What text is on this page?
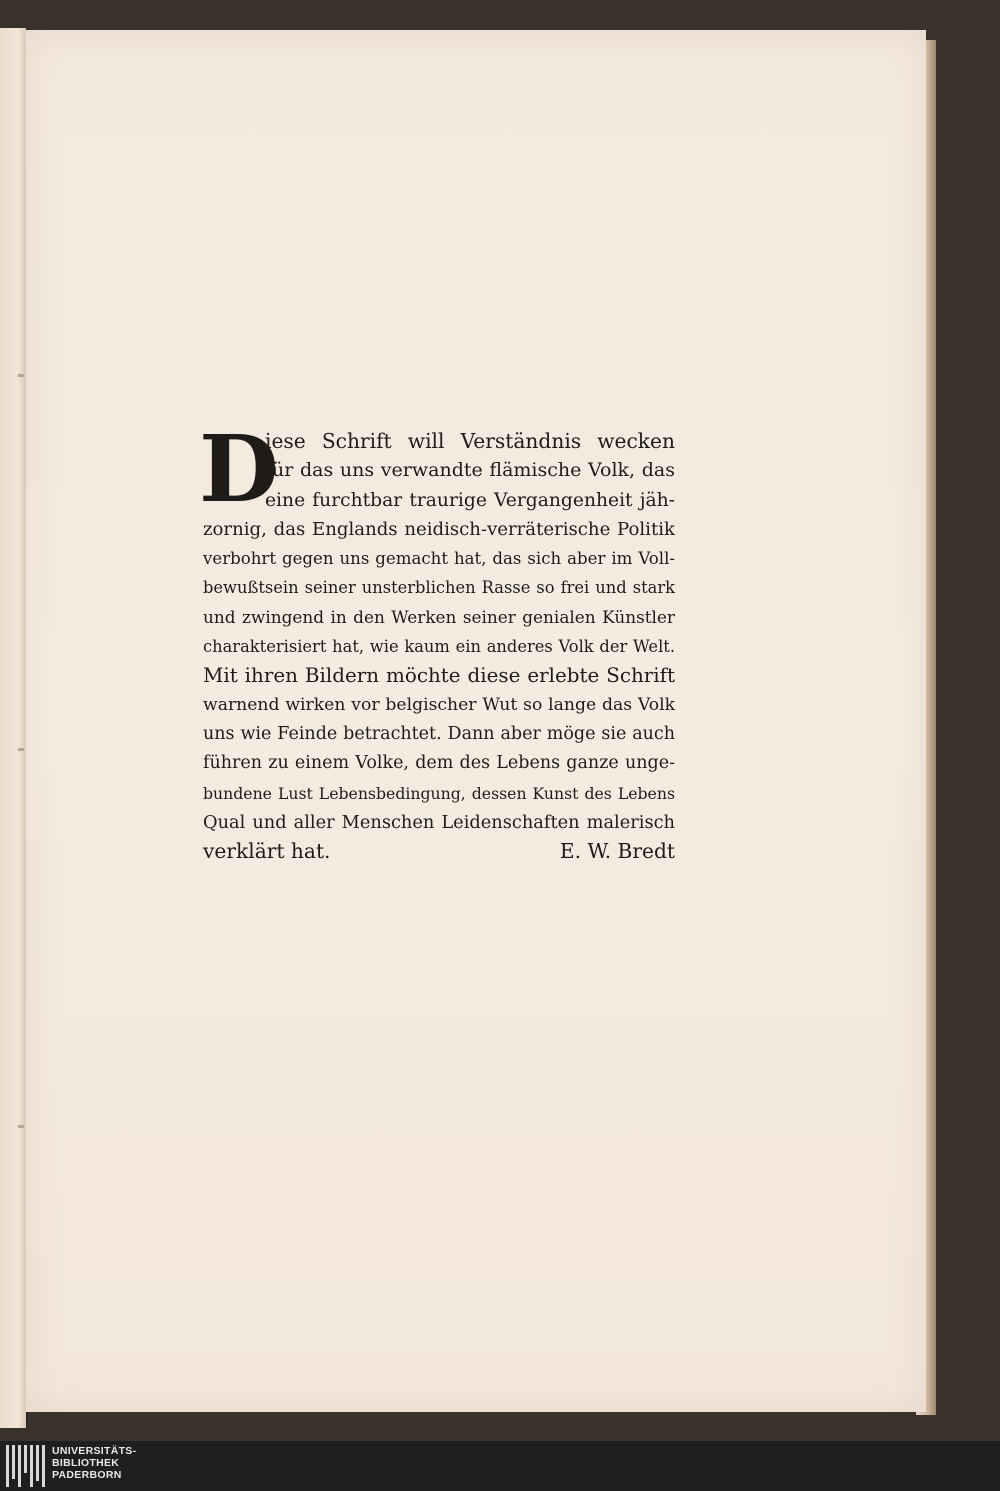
D
iese Schrift will Verständnis wecken
für das uns verwandte flämische Volk, das
eine furchtbar traurige Vergangenheit jäh-
zornig, das Englands neidisch-verräterische Politik
verbohrt gegen uns gemacht hat, das sich aber im Voll-
bewußtsein seiner unsterblichen Rasse so frei und stark
und zwingend in den Werken seiner genialen Künstler
charakterisiert hat, wie kaum ein anderes Volk der Welt.
Mit ihren Bildern möchte diese erlebte Schrift
warnend wirken vor belgischer Wut so lange das Volk
uns wie Feinde betrachtet. Dann aber möge sie auch
führen zu einem Volke, dem des Lebens ganze unge-
bundene Lust Lebensbedingung, dessen Kunst des Lebens
Qual und aller Menschen Leidenschaften malerisch
verklärt hat.	E. W. Bredt
UNIVERSITÄTS-
BIBLIOTHEK
PADERBORN
